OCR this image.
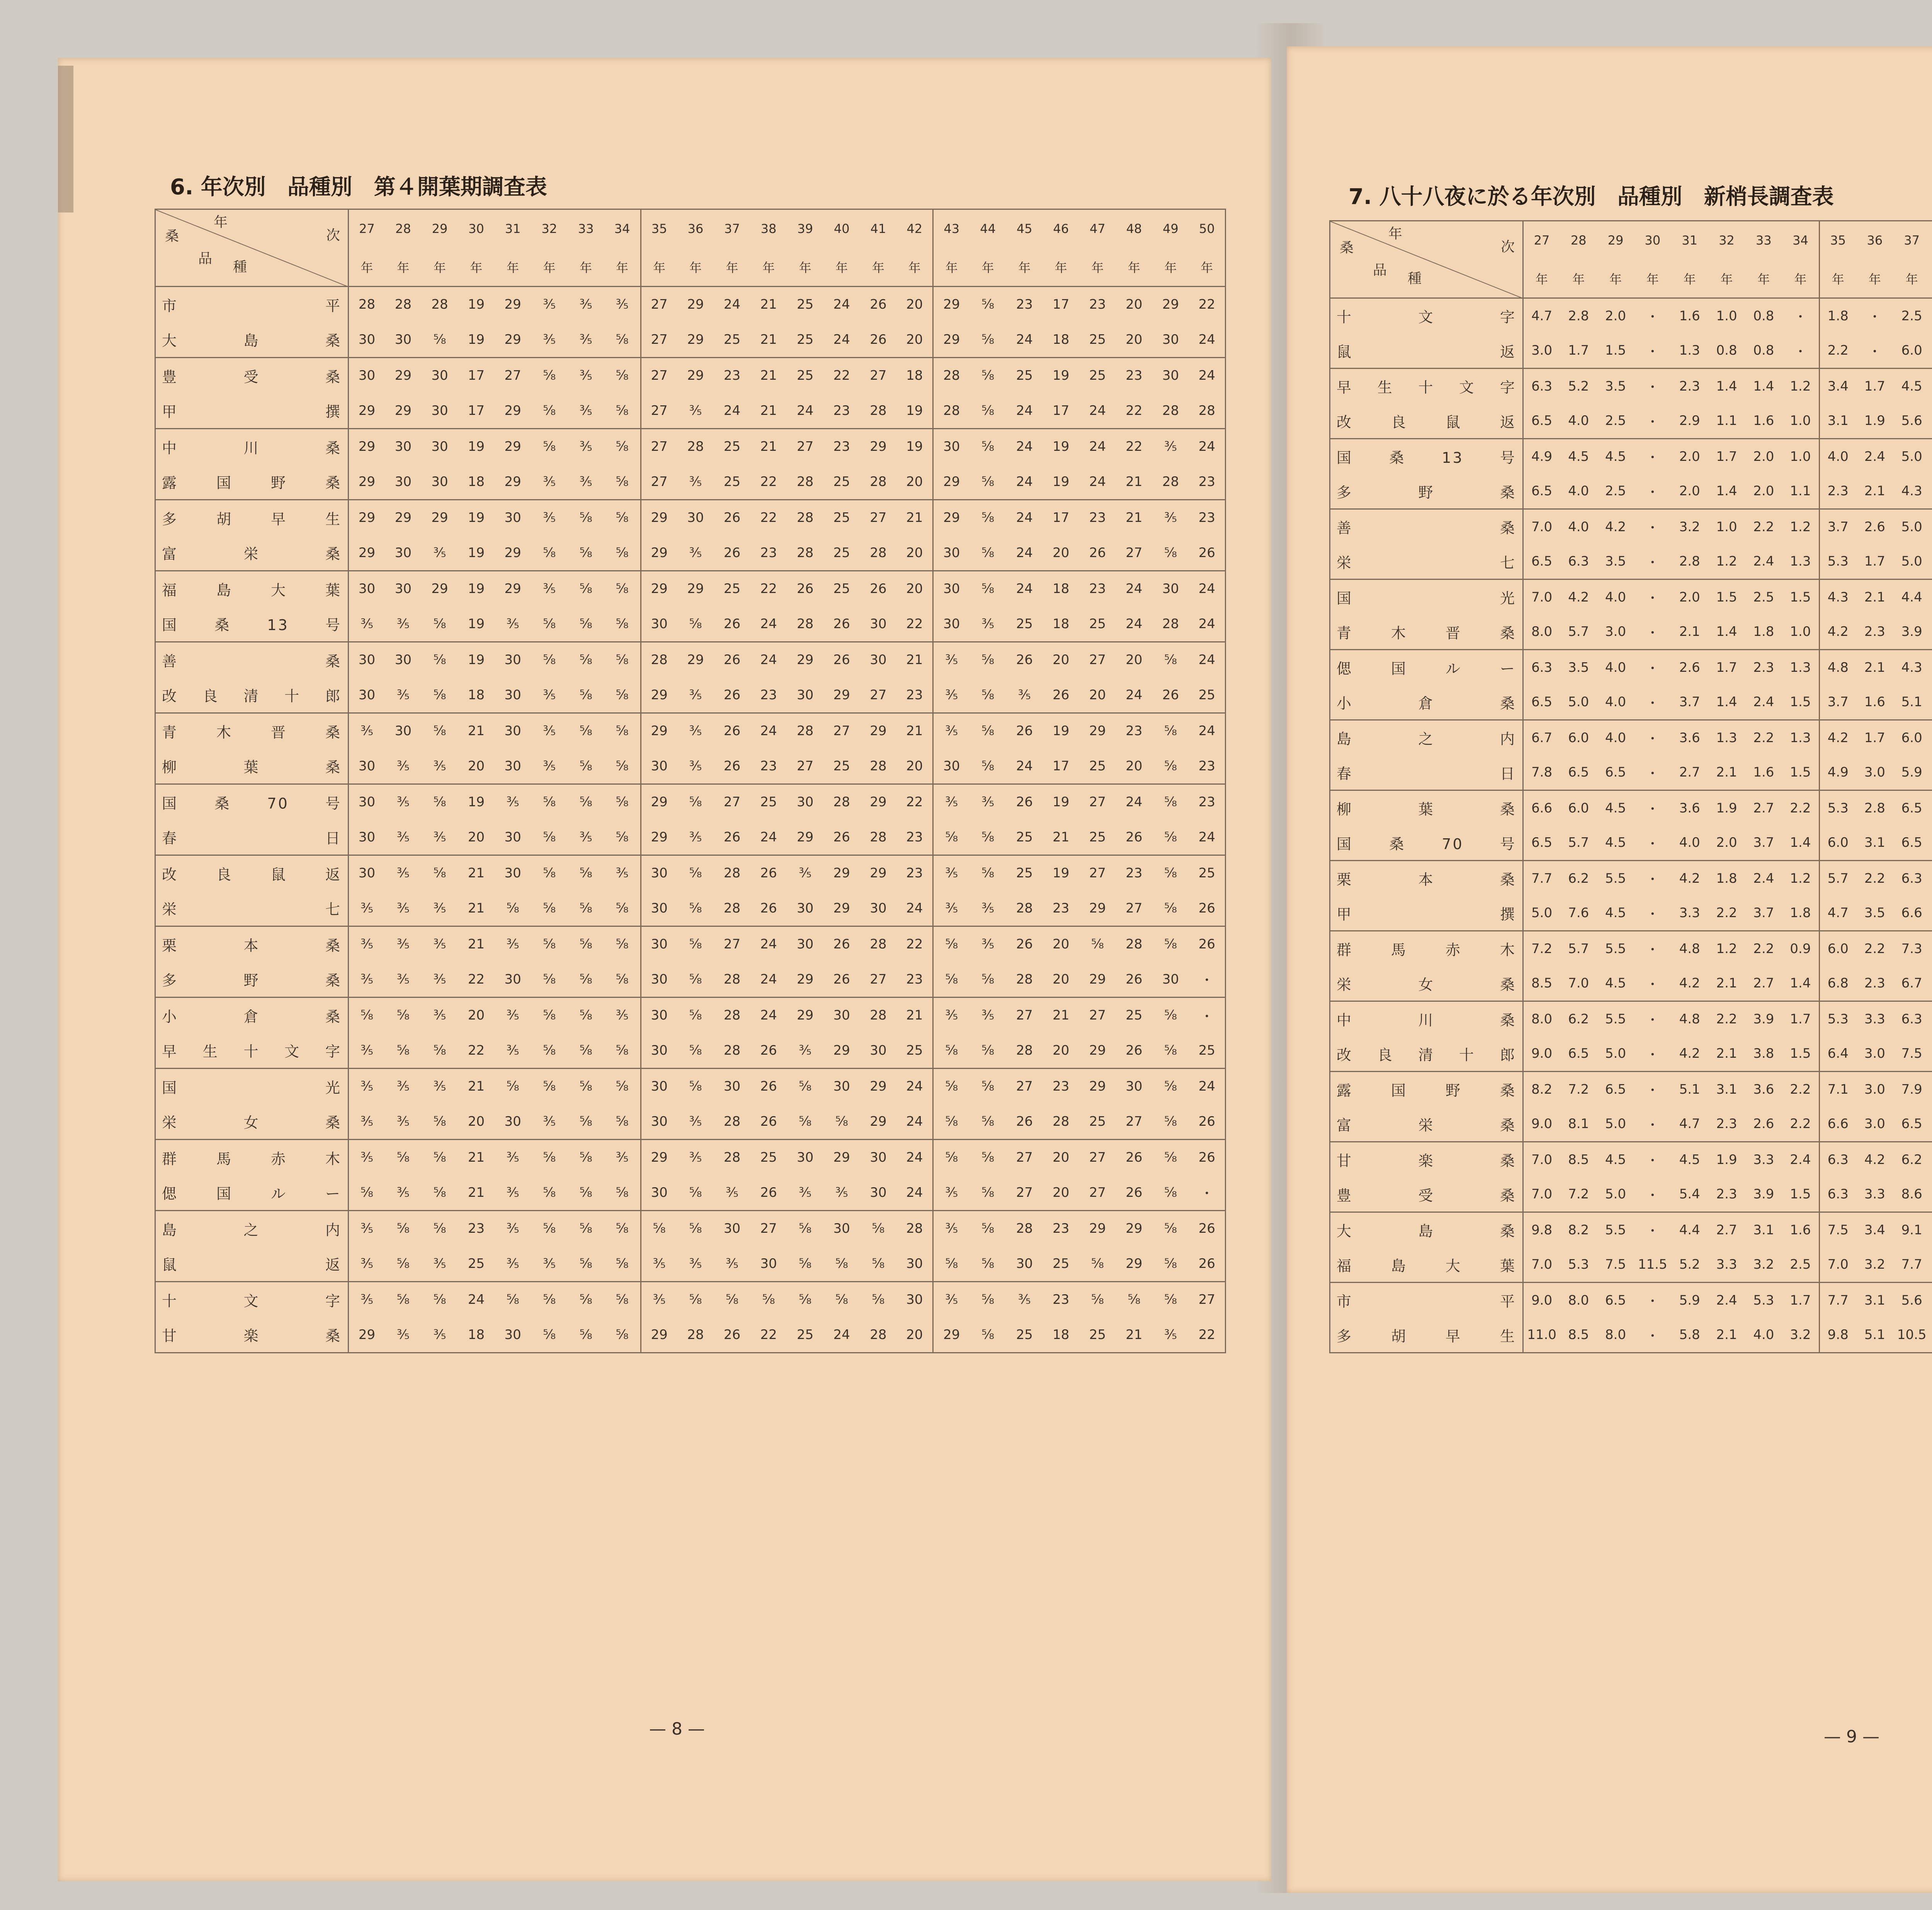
6. 年次別　品種別　第４開葉期調査表	7. 八十八夜に於る年次別　品種別　新梢長調査表
年
次
桑
品
種	27	28	29	30	31	32	33	34	35	36	37	38	39	40	41	42	43	44	45	46	47	48	49	50
	年	年	年	年	年	年	年	年	年	年	年	年	年	年	年	年	年	年	年	年	年	年	年	年
市平	28	28	28	19	29	⅗	⅗	⅗	27	29	24	21	25	24	26	20	29	⅝	23	17	23	20	29	22
大島桑	30	30	⅝	19	29	⅗	⅗	⅝	27	29	25	21	25	24	26	20	29	⅝	24	18	25	20	30	24
豊受桑	30	29	30	17	27	⅝	⅗	⅝	27	29	23	21	25	22	27	18	28	⅝	25	19	25	23	30	24
甲撰	29	29	30	17	29	⅝	⅗	⅝	27	⅗	24	21	24	23	28	19	28	⅝	24	17	24	22	28	28
中川桑	29	30	30	19	29	⅝	⅗	⅝	27	28	25	21	27	23	29	19	30	⅝	24	19	24	22	⅗	24
露国野桑	29	30	30	18	29	⅗	⅗	⅝	27	⅗	25	22	28	25	28	20	29	⅝	24	19	24	21	28	23
多胡早生	29	29	29	19	30	⅗	⅝	⅝	29	30	26	22	28	25	27	21	29	⅝	24	17	23	21	⅗	23
富栄桑	29	30	⅗	19	29	⅝	⅝	⅝	29	⅗	26	23	28	25	28	20	30	⅝	24	20	26	27	⅝	26
福島大葉	30	30	29	19	29	⅗	⅝	⅝	29	29	25	22	26	25	26	20	30	⅝	24	18	23	24	30	24
国桑13号	⅗	⅗	⅝	19	⅗	⅝	⅝	⅝	30	⅝	26	24	28	26	30	22	30	⅗	25	18	25	24	28	24
善桑	30	30	⅝	19	30	⅝	⅝	⅝	28	29	26	24	29	26	30	21	⅗	⅝	26	20	27	20	⅝	24
改良清十郎	30	⅗	⅝	18	30	⅗	⅝	⅝	29	⅗	26	23	30	29	27	23	⅗	⅝	⅗	26	20	24	26	25
青木晋桑	⅗	30	⅝	21	30	⅗	⅝	⅝	29	⅗	26	24	28	27	29	21	⅗	⅝	26	19	29	23	⅝	24
柳葉桑	30	⅗	⅗	20	30	⅗	⅝	⅝	30	⅗	26	23	27	25	28	20	30	⅝	24	17	25	20	⅝	23
国桑70号	30	⅗	⅝	19	⅗	⅝	⅝	⅝	29	⅝	27	25	30	28	29	22	⅗	⅗	26	19	27	24	⅝	23
春日	30	⅗	⅗	20	30	⅝	⅗	⅝	29	⅗	26	24	29	26	28	23	⅝	⅝	25	21	25	26	⅝	24
改良鼠返	30	⅗	⅝	21	30	⅝	⅝	⅗	30	⅝	28	26	⅗	29	29	23	⅗	⅝	25	19	27	23	⅝	25
栄七	⅗	⅗	⅗	21	⅝	⅝	⅝	⅝	30	⅝	28	26	30	29	30	24	⅗	⅗	28	23	29	27	⅝	26
栗本桑	⅗	⅗	⅗	21	⅗	⅝	⅝	⅝	30	⅝	27	24	30	26	28	22	⅝	⅗	26	20	⅝	28	⅝	26
多野桑	⅗	⅗	⅗	22	30	⅝	⅝	⅝	30	⅝	28	24	29	26	27	23	⅝	⅝	28	20	29	26	30	・
小倉桑	⅝	⅝	⅗	20	⅗	⅝	⅝	⅗	30	⅝	28	24	29	30	28	21	⅗	⅗	27	21	27	25	⅝	・
早生十文字	⅗	⅝	⅝	22	⅗	⅝	⅝	⅝	30	⅝	28	26	⅗	29	30	25	⅝	⅝	28	20	29	26	⅝	25
国光	⅗	⅗	⅗	21	⅝	⅝	⅝	⅝	30	⅝	30	26	⅝	30	29	24	⅝	⅝	27	23	29	30	⅝	24
栄女桑	⅗	⅗	⅝	20	30	⅗	⅝	⅝	30	⅗	28	26	⅝	⅝	29	24	⅝	⅝	26	28	25	27	⅝	26
群馬赤木	⅗	⅝	⅝	21	⅗	⅝	⅝	⅗	29	⅗	28	25	30	29	30	24	⅝	⅝	27	20	27	26	⅝	26
偲国ルー	⅝	⅗	⅝	21	⅗	⅝	⅝	⅝	30	⅝	⅗	26	⅗	⅗	30	24	⅗	⅝	27	20	27	26	⅝	・
島之内	⅗	⅝	⅝	23	⅗	⅝	⅝	⅝	⅝	⅝	30	27	⅝	30	⅝	28	⅗	⅝	28	23	29	29	⅝	26
鼠返	⅗	⅝	⅗	25	⅗	⅗	⅝	⅝	⅗	⅗	⅗	30	⅝	⅝	⅝	30	⅝	⅝	30	25	⅝	29	⅝	26
十文字	⅗	⅝	⅝	24	⅝	⅝	⅝	⅝	⅗	⅝	⅝	⅝	⅝	⅝	⅝	30	⅗	⅝	⅗	23	⅝	⅝	⅝	27
甘楽桑	29	⅗	⅗	18	30	⅝	⅝	⅝	29	28	26	22	25	24	28	20	29	⅝	25	18	25	21	⅗	22
年
次
桑
品
種	27	28	29	30	31	32	33	34	35	36	37													
	年	年	年	年	年	年	年	年	年	年	年													
十文字	4.7	2.8	2.0	・	1.6	1.0	0.8	・	1.8	・	2.5													
鼠返	3.0	1.7	1.5	・	1.3	0.8	0.8	・	2.2	・	6.0													
早生十文字	6.3	5.2	3.5	・	2.3	1.4	1.4	1.2	3.4	1.7	4.5													
改良鼠返	6.5	4.0	2.5	・	2.9	1.1	1.6	1.0	3.1	1.9	5.6													
国桑13号	4.9	4.5	4.5	・	2.0	1.7	2.0	1.0	4.0	2.4	5.0													
多野桑	6.5	4.0	2.5	・	2.0	1.4	2.0	1.1	2.3	2.1	4.3													
善桑	7.0	4.0	4.2	・	3.2	1.0	2.2	1.2	3.7	2.6	5.0													
栄七	6.5	6.3	3.5	・	2.8	1.2	2.4	1.3	5.3	1.7	5.0													
国光	7.0	4.2	4.0	・	2.0	1.5	2.5	1.5	4.3	2.1	4.4													
青木晋桑	8.0	5.7	3.0	・	2.1	1.4	1.8	1.0	4.2	2.3	3.9													
偲国ルー	6.3	3.5	4.0	・	2.6	1.7	2.3	1.3	4.8	2.1	4.3													
小倉桑	6.5	5.0	4.0	・	3.7	1.4	2.4	1.5	3.7	1.6	5.1													
島之内	6.7	6.0	4.0	・	3.6	1.3	2.2	1.3	4.2	1.7	6.0													
春日	7.8	6.5	6.5	・	2.7	2.1	1.6	1.5	4.9	3.0	5.9													
柳葉桑	6.6	6.0	4.5	・	3.6	1.9	2.7	2.2	5.3	2.8	6.5													
国桑70号	6.5	5.7	4.5	・	4.0	2.0	3.7	1.4	6.0	3.1	6.5													
栗本桑	7.7	6.2	5.5	・	4.2	1.8	2.4	1.2	5.7	2.2	6.3													
甲撰	5.0	7.6	4.5	・	3.3	2.2	3.7	1.8	4.7	3.5	6.6													
群馬赤木	7.2	5.7	5.5	・	4.8	1.2	2.2	0.9	6.0	2.2	7.3													
栄女桑	8.5	7.0	4.5	・	4.2	2.1	2.7	1.4	6.8	2.3	6.7													
中川桑	8.0	6.2	5.5	・	4.8	2.2	3.9	1.7	5.3	3.3	6.3													
改良清十郎	9.0	6.5	5.0	・	4.2	2.1	3.8	1.5	6.4	3.0	7.5													
露国野桑	8.2	7.2	6.5	・	5.1	3.1	3.6	2.2	7.1	3.0	7.9													
富栄桑	9.0	8.1	5.0	・	4.7	2.3	2.6	2.2	6.6	3.0	6.5													
甘楽桑	7.0	8.5	4.5	・	4.5	1.9	3.3	2.4	6.3	4.2	6.2													
豊受桑	7.0	7.2	5.0	・	5.4	2.3	3.9	1.5	6.3	3.3	8.6													
大島桑	9.8	8.2	5.5	・	4.4	2.7	3.1	1.6	7.5	3.4	9.1													
福島大葉	7.0	5.3	7.5	11.5	5.2	3.3	3.2	2.5	7.0	3.2	7.7													
市平	9.0	8.0	6.5	・	5.9	2.4	5.3	1.7	7.7	3.1	5.6													
多胡早生	11.0	8.5	8.0	・	5.8	2.1	4.0	3.2	9.8	5.1	10.5													
— 8 —	— 9 —
